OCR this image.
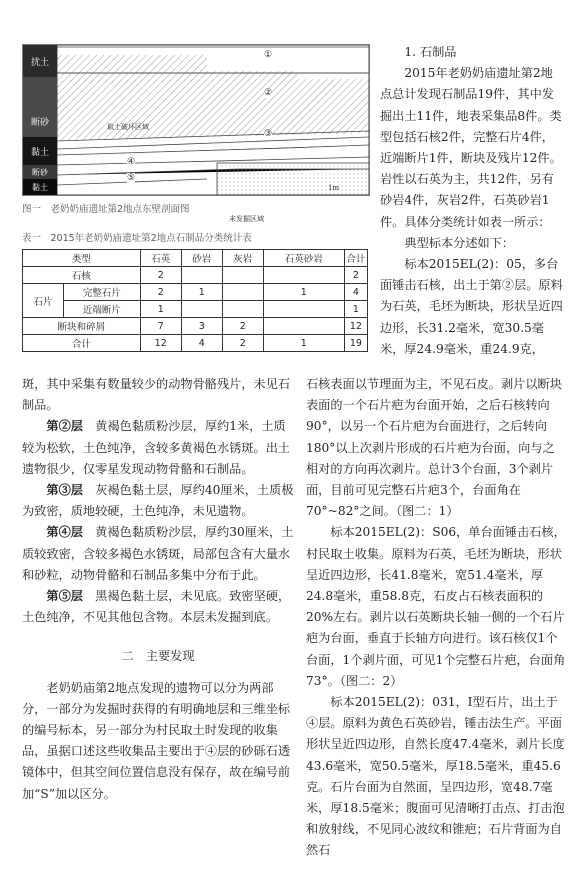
扰土
断砂
黏土
断砂
黏土
取土破坏区域
未发掘区域
①
②
③
④
⑤
1m
图一　老奶奶庙遗址第2地点东壁剖面图
表一　2015年老奶奶庙遗址第2地点石制品分类统计表
类型		石英	砂岩	灰岩	石英砂岩	合计
石核		2				2
石片	完整石片	2	1		1	4
	近端断片	1				1
断块和碎屑		7	3	2		12
合计		12	4	2	1	19

1. 石制品

2015年老奶奶庙遗址第2地点总计发现石制品19件，其中发掘出土11件，地表采集品8件。类型包括石核2件，完整石片4件，近端断片1件，断块及残片12件。岩性以石英为主，共12件，另有砂岩4件，灰岩2件，石英砂岩1件。具体分类统计如表一所示：

典型标本分述如下：

标本2015EL(2)：05，多台面锤击石核，出土于第②层。原料为石英，毛坯为断块，形状呈近四边形，长31.2毫米，宽30.5毫米，厚24.9毫米，重24.9克，

斑，其中采集有数量较少的动物骨骼残片，未见石制品。

第②层　黄褐色黏质粉沙层，厚约1米，土质较为松软，土色纯净，含较多黄褐色水锈斑。出土遗物很少，仅零星发现动物骨骼和石制品。

第③层　灰褐色黏土层，厚约40厘米，土质极为致密，质地较硬，土色纯净，未见遗物。

第④层　黄褐色黏质粉沙层，厚约30厘米，土质较致密，含较多褐色水锈斑，局部包含有大量水和砂粒，动物骨骼和石制品多集中分布于此。

第⑤层　黑褐色黏土层，未见底。致密坚硬，土色纯净，不见其他包含物。本层未发掘到底。

二　主要发现

老奶奶庙第2地点发现的遗物可以分为两部分，一部分为发掘时获得的有明确地层和三维坐标的编号标本，另一部分为村民取土时发现的收集品，虽据口述这些收集品主要出于④层的砂砾石透镜体中，但其空间位置信息没有保存，故在编号前加“S”加以区分。

石核表面以节理面为主，不见石皮。剥片以断块表面的一个石片疤为台面开始，之后石核转向90°，以另一个石片疤为台面进行，之后转向180°以上次剥片形成的石片疤为台面，向与之相对的方向再次剥片。总计3个台面，3个剥片面，目前可见完整石片疤3个，台面角在70°~82°之间。（图二：1）

标本2015EL(2)：S06，单台面锤击石核，村民取土收集。原料为石英，毛坯为断块，形状呈近四边形，长41.8毫米，宽51.4毫米，厚24.8毫米，重58.8克，石皮占石核表面积的20%左右。剥片以石英断块长轴一侧的一个石片疤为台面，垂直于长轴方向进行。该石核仅1个台面，1个剥片面，可见1个完整石片疤，台面角73°。（图二：2）

标本2015EL(2)：031，Ⅰ型石片，出土于④层。原料为黄色石英砂岩，锤击法生产。平面形状呈近四边形，自然长度47.4毫米，剥片长度43.6毫米，宽50.5毫米，厚18.5毫米，重45.6克。石片台面为自然面，呈四边形，宽48.7毫米，厚18.5毫米；腹面可见清晰打击点、打击泡和放射线，不见同心波纹和锥疤；石片背面为自然石
